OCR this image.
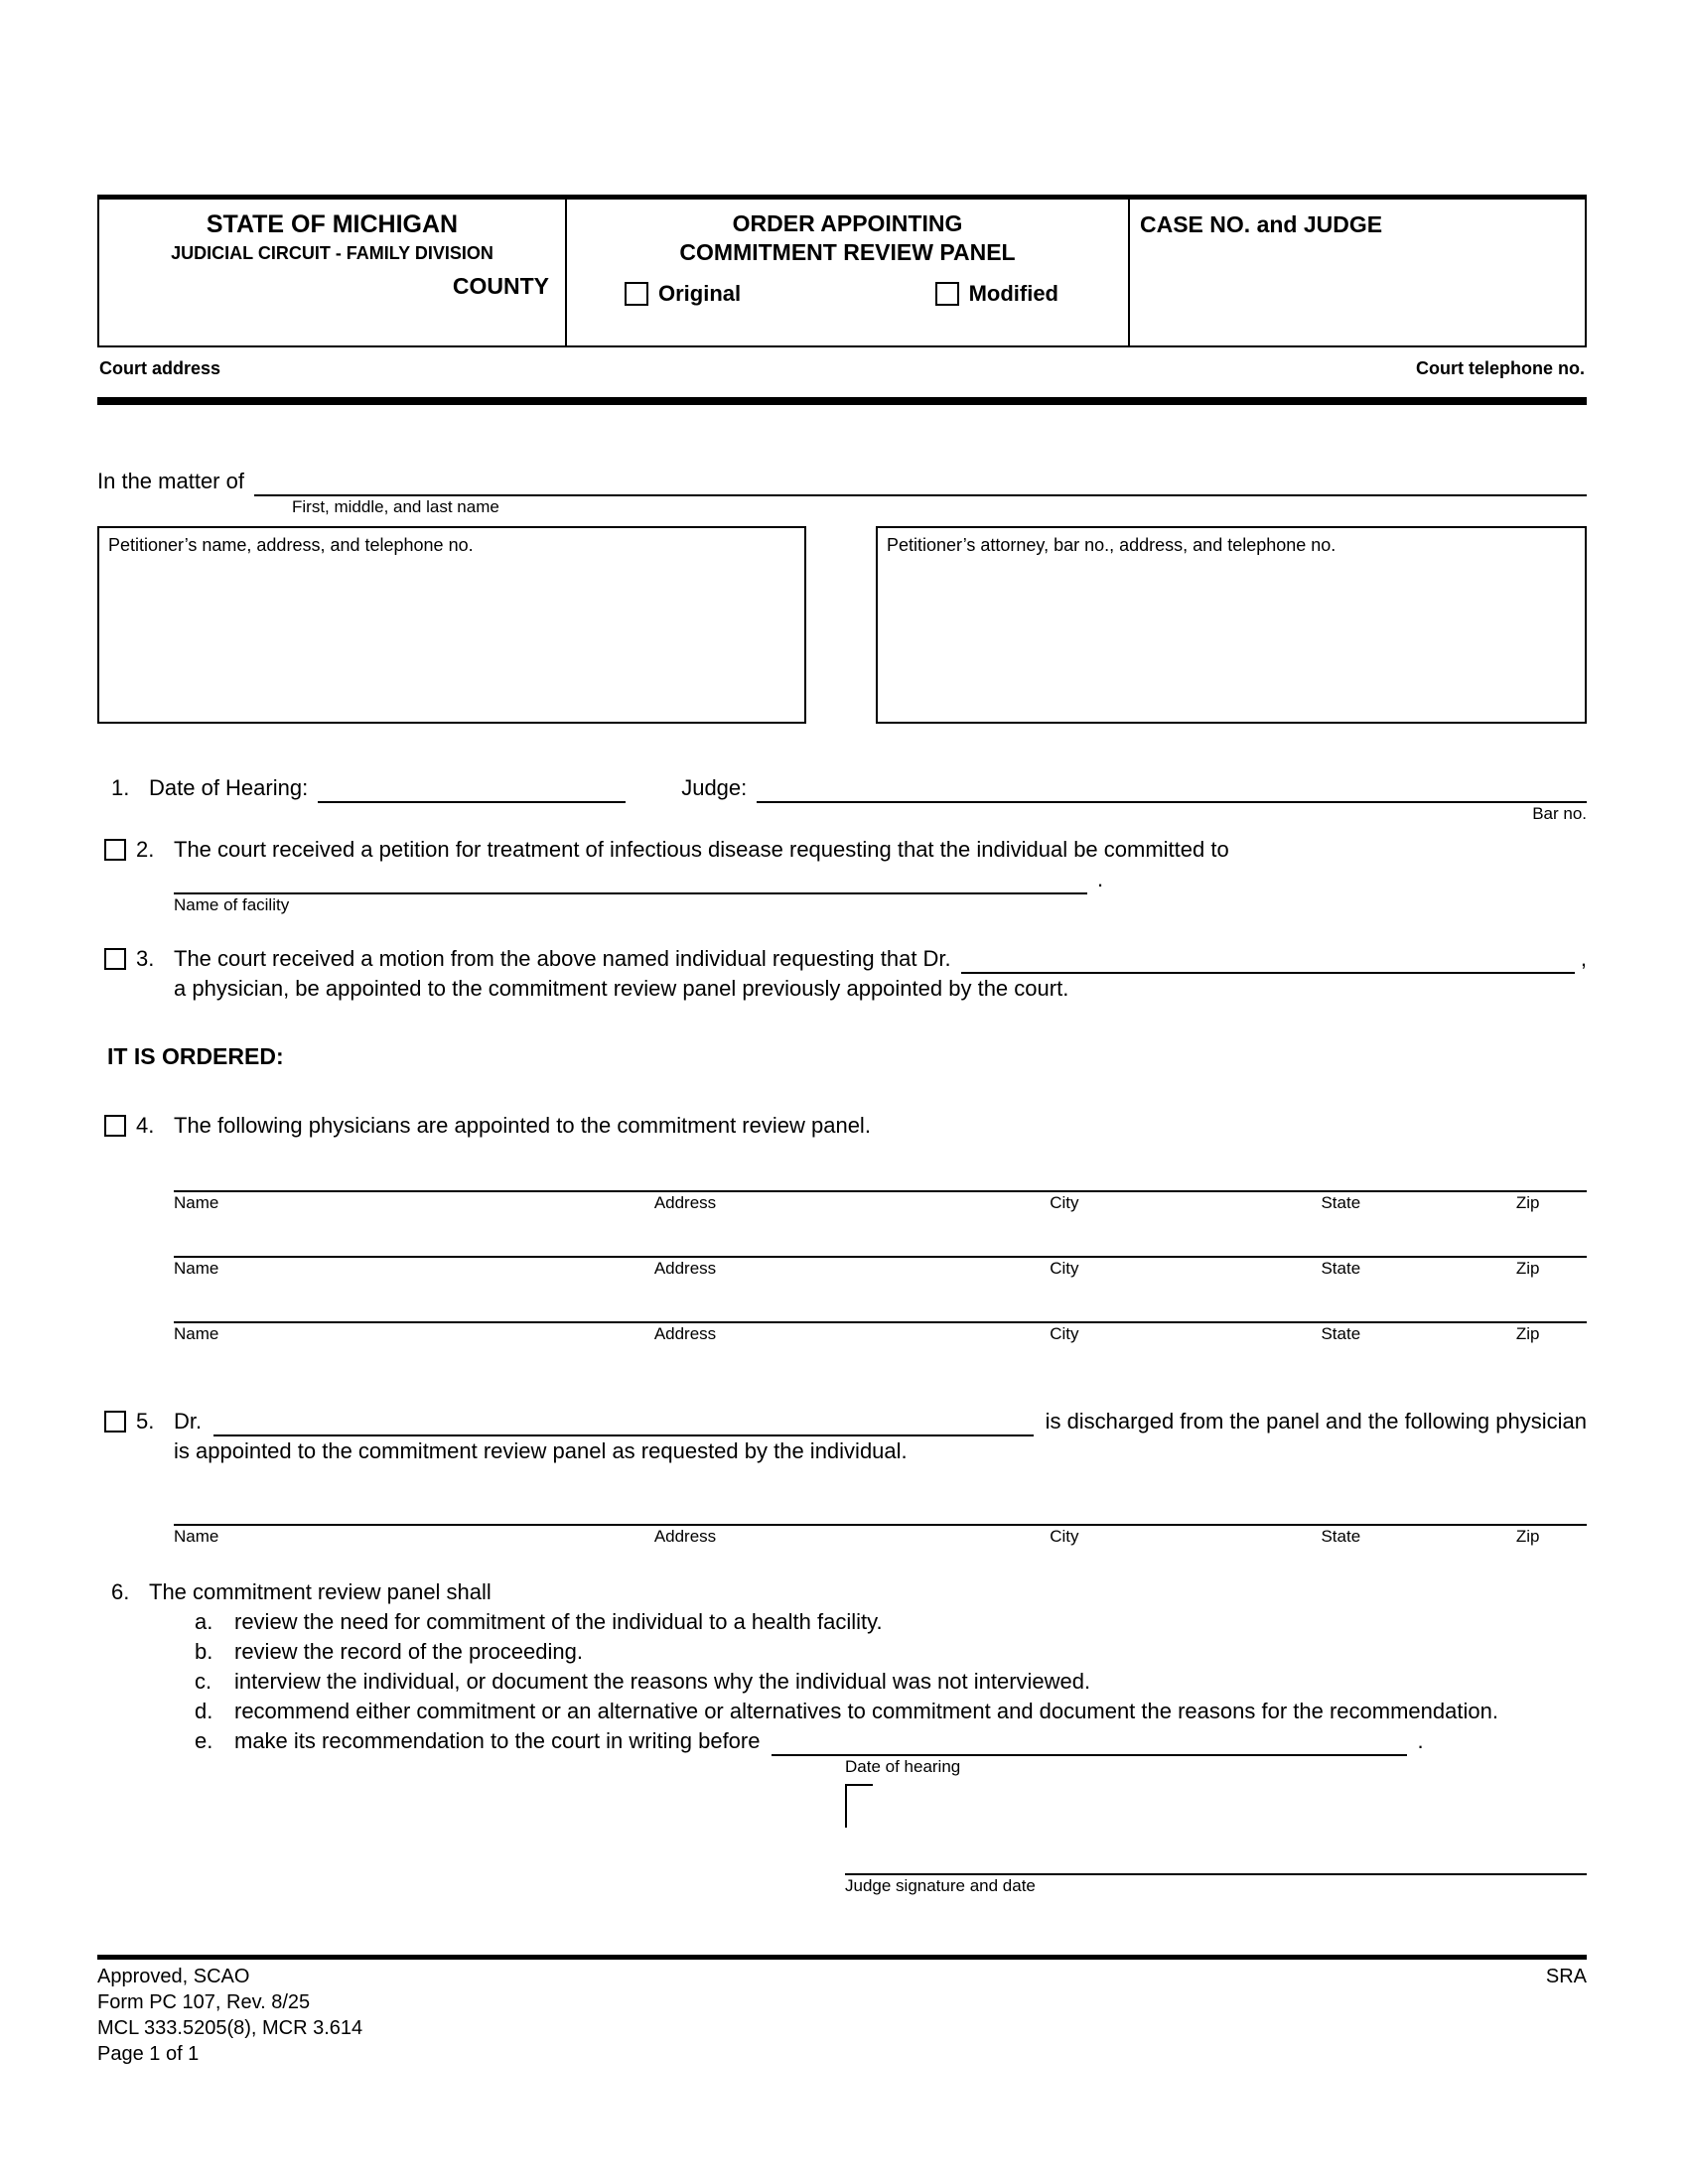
STATE OF MICHIGAN
JUDICIAL CIRCUIT - FAMILY DIVISION
COUNTY
ORDER APPOINTING
COMMITMENT REVIEW PANEL
Original	Modified
CASE NO. and JUDGE
Court address	Court telephone no.
In the matter of
First, middle, and last name
Petitioner’s name, address, and telephone no.	Petitioner’s attorney, bar no., address, and telephone no.
1. Date of Hearing:	Judge:
Bar no.
2. The court received a petition for treatment of infectious disease requesting that the individual be committed to
.
Name of facility
3. The court received a motion from the above named individual requesting that Dr.	,
a physician, be appointed to the commitment review panel previously appointed by the court.
IT IS ORDERED:
4. The following physicians are appointed to the commitment review panel.
Name	Address	City	State	Zip
Name	Address	City	State	Zip
Name	Address	City	State	Zip
5. Dr.	is discharged from the panel and the following physician
is appointed to the commitment review panel as requested by the individual.
Name	Address	City	State	Zip
6. The commitment review panel shall
a. review the need for commitment of the individual to a health facility.
b. review the record of the proceeding.
c.	interview the individual, or document the reasons why the individual was not interviewed.
d. recommend either commitment or an alternative or alternatives to commitment and document the reasons for the recommendation.
e. make its recommendation to the court in writing before	.
Date of hearing
Judge signature and date
Approved, SCAO
Form PC 107, Rev. 8/25
MCL 333.5205(8), MCR 3.614
Page 1 of 1
SRA
